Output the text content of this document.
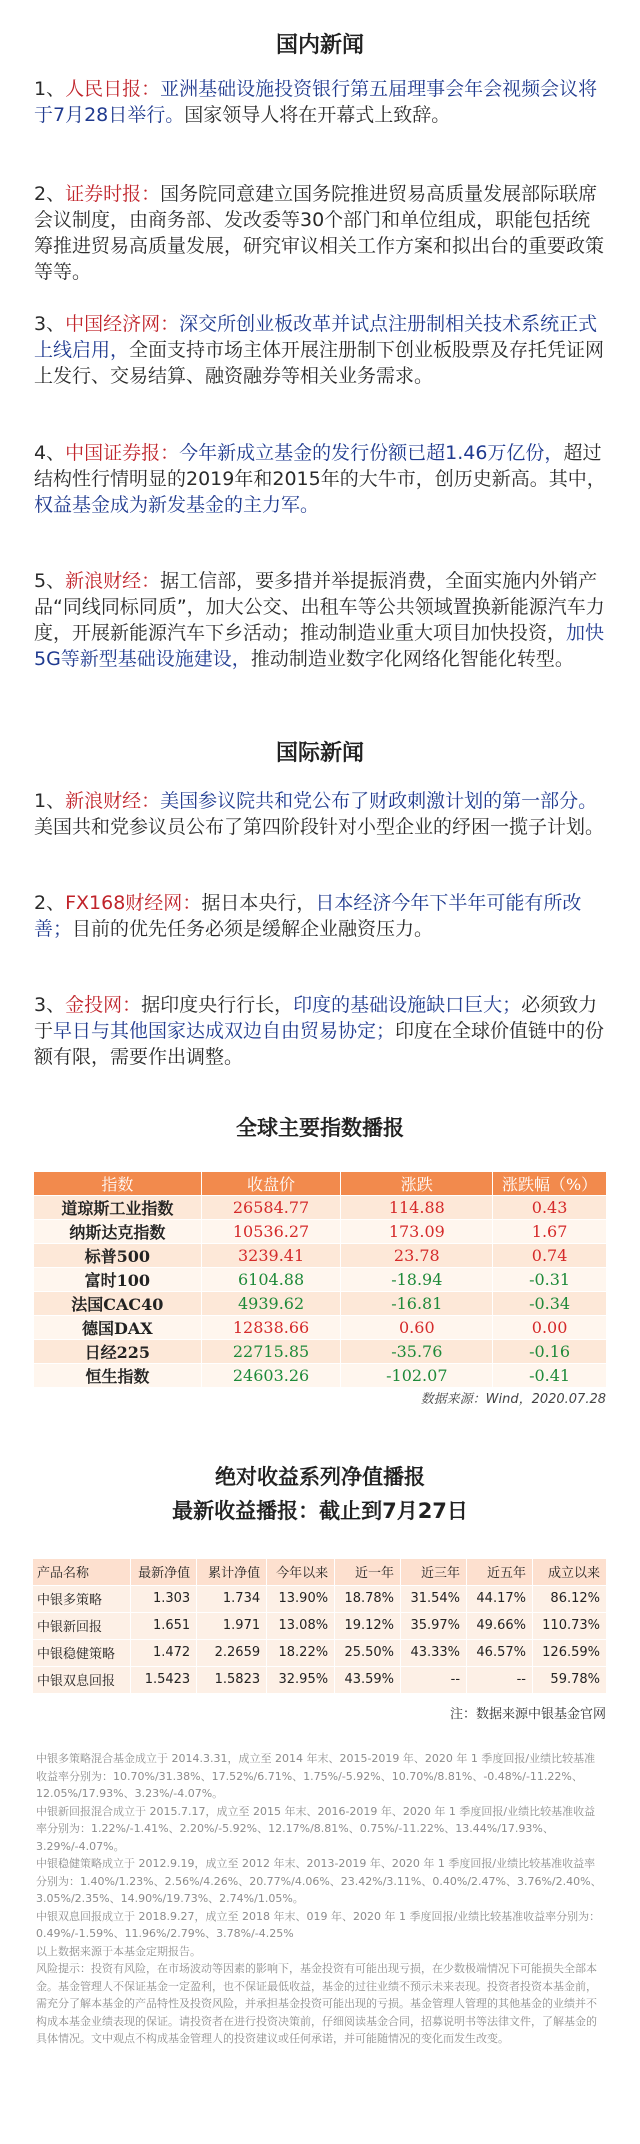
国内新闻
1、人民日报：亚洲基础设施投资银行第五届理事会年会视频会议将于7月28日举行。国家领导人将在开幕式上致辞。
2、证券时报：国务院同意建立国务院推进贸易高质量发展部际联席会议制度，由商务部、发改委等30个部门和单位组成，职能包括统筹推进贸易高质量发展，研究审议相关工作方案和拟出台的重要政策等等。
3、中国经济网：深交所创业板改革并试点注册制相关技术系统正式上线启用，全面支持市场主体开展注册制下创业板股票及存托凭证网上发行、交易结算、融资融券等相关业务需求。
4、中国证券报：今年新成立基金的发行份额已超1.46万亿份，超过结构性行情明显的2019年和2015年的大牛市，创历史新高。其中，权益基金成为新发基金的主力军。
5、新浪财经：据工信部，要多措并举提振消费，全面实施内外销产品“同线同标同质”，加大公交、出租车等公共领域置换新能源汽车力度，开展新能源汽车下乡活动；推动制造业重大项目加快投资，加快5G等新型基础设施建设，推动制造业数字化网络化智能化转型。
国际新闻
1、新浪财经：美国参议院共和党公布了财政刺激计划的第一部分。美国共和党参议员公布了第四阶段针对小型企业的纾困一揽子计划。
2、FX168财经网：据日本央行，日本经济今年下半年可能有所改善；目前的优先任务必须是缓解企业融资压力。
3、金投网：据印度央行行长，印度的基础设施缺口巨大；必须致力于早日与其他国家达成双边自由贸易协定；印度在全球价值链中的份额有限，需要作出调整。
全球主要指数播报
指数	收盘价	涨跌	涨跌幅（%）
道琼斯工业指数	26584.77	114.88	0.43
纳斯达克指数	10536.27	173.09	1.67
标普500	3239.41	23.78	0.74
富时100	6104.88	-18.94	-0.31
法国CAC40	4939.62	-16.81	-0.34
德国DAX	12838.66	0.60	0.00
日经225	22715.85	-35.76	-0.16
恒生指数	24603.26	-102.07	-0.41
数据来源：Wind，2020.07.28
绝对收益系列净值播报
最新收益播报：截止到7月27日
产品名称	最新净值	累计净值	今年以来	近一年	近三年	近五年	成立以来
中银多策略	1.303	1.734	13.90%	18.78%	31.54%	44.17%	86.12%
中银新回报	1.651	1.971	13.08%	19.12%	35.97%	49.66%	110.73%
中银稳健策略	1.472	2.2659	18.22%	25.50%	43.33%	46.57%	126.59%
中银双息回报	1.5423	1.5823	32.95%	43.59%	--	--	59.78%
注：数据来源中银基金官网

中银多策略混合基金成立于 2014.3.31，成立至 2014 年末、2015-2019 年、2020 年 1 季度回报/业绩比较基准收益率分别为：10.70%/31.38%、17.52%/6.71%、1.75%/-5.92%、10.70%/8.81%、-0.48%/-11.22%、12.05%/17.93%、3.23%/-4.07%。

中银新回报混合成立于 2015.7.17，成立至 2015 年末、2016-2019 年、2020 年 1 季度回报/业绩比较基准收益率分别为：1.22%/-1.41%、2.20%/-5.92%、12.17%/8.81%、0.75%/-11.22%、13.44%/17.93%、3.29%/-4.07%。

中银稳健策略成立于 2012.9.19，成立至 2012 年末、2013-2019 年、2020 年 1 季度回报/业绩比较基准收益率分别为：1.40%/1.23%、2.56%/4.26%、20.77%/4.06%、23.42%/3.11%、0.40%/2.47%、3.76%/2.40%、3.05%/2.35%、14.90%/19.73%、2.74%/1.05%。

中银双息回报成立于 2018.9.27，成立至 2018 年末、019 年、2020 年 1 季度回报/业绩比较基准收益率分别为：0.49%/-1.59%、11.96%/2.79%、3.78%/-4.25%

以上数据来源于本基金定期报告。

风险提示：投资有风险，在市场波动等因素的影响下，基金投资有可能出现亏损，在少数极端情况下可能损失全部本金。基金管理人不保证基金一定盈利，也不保证最低收益，基金的过往业绩不预示未来表现。投资者投资本基金前，需充分了解本基金的产品特性及投资风险，并承担基金投资可能出现的亏损。基金管理人管理的其他基金的业绩并不构成本基金业绩表现的保证。请投资者在进行投资决策前，仔细阅读基金合同，招募说明书等法律文件，了解基金的具体情况。文中观点不构成基金管理人的投资建议或任何承诺，并可能随情况的变化而发生改变。
